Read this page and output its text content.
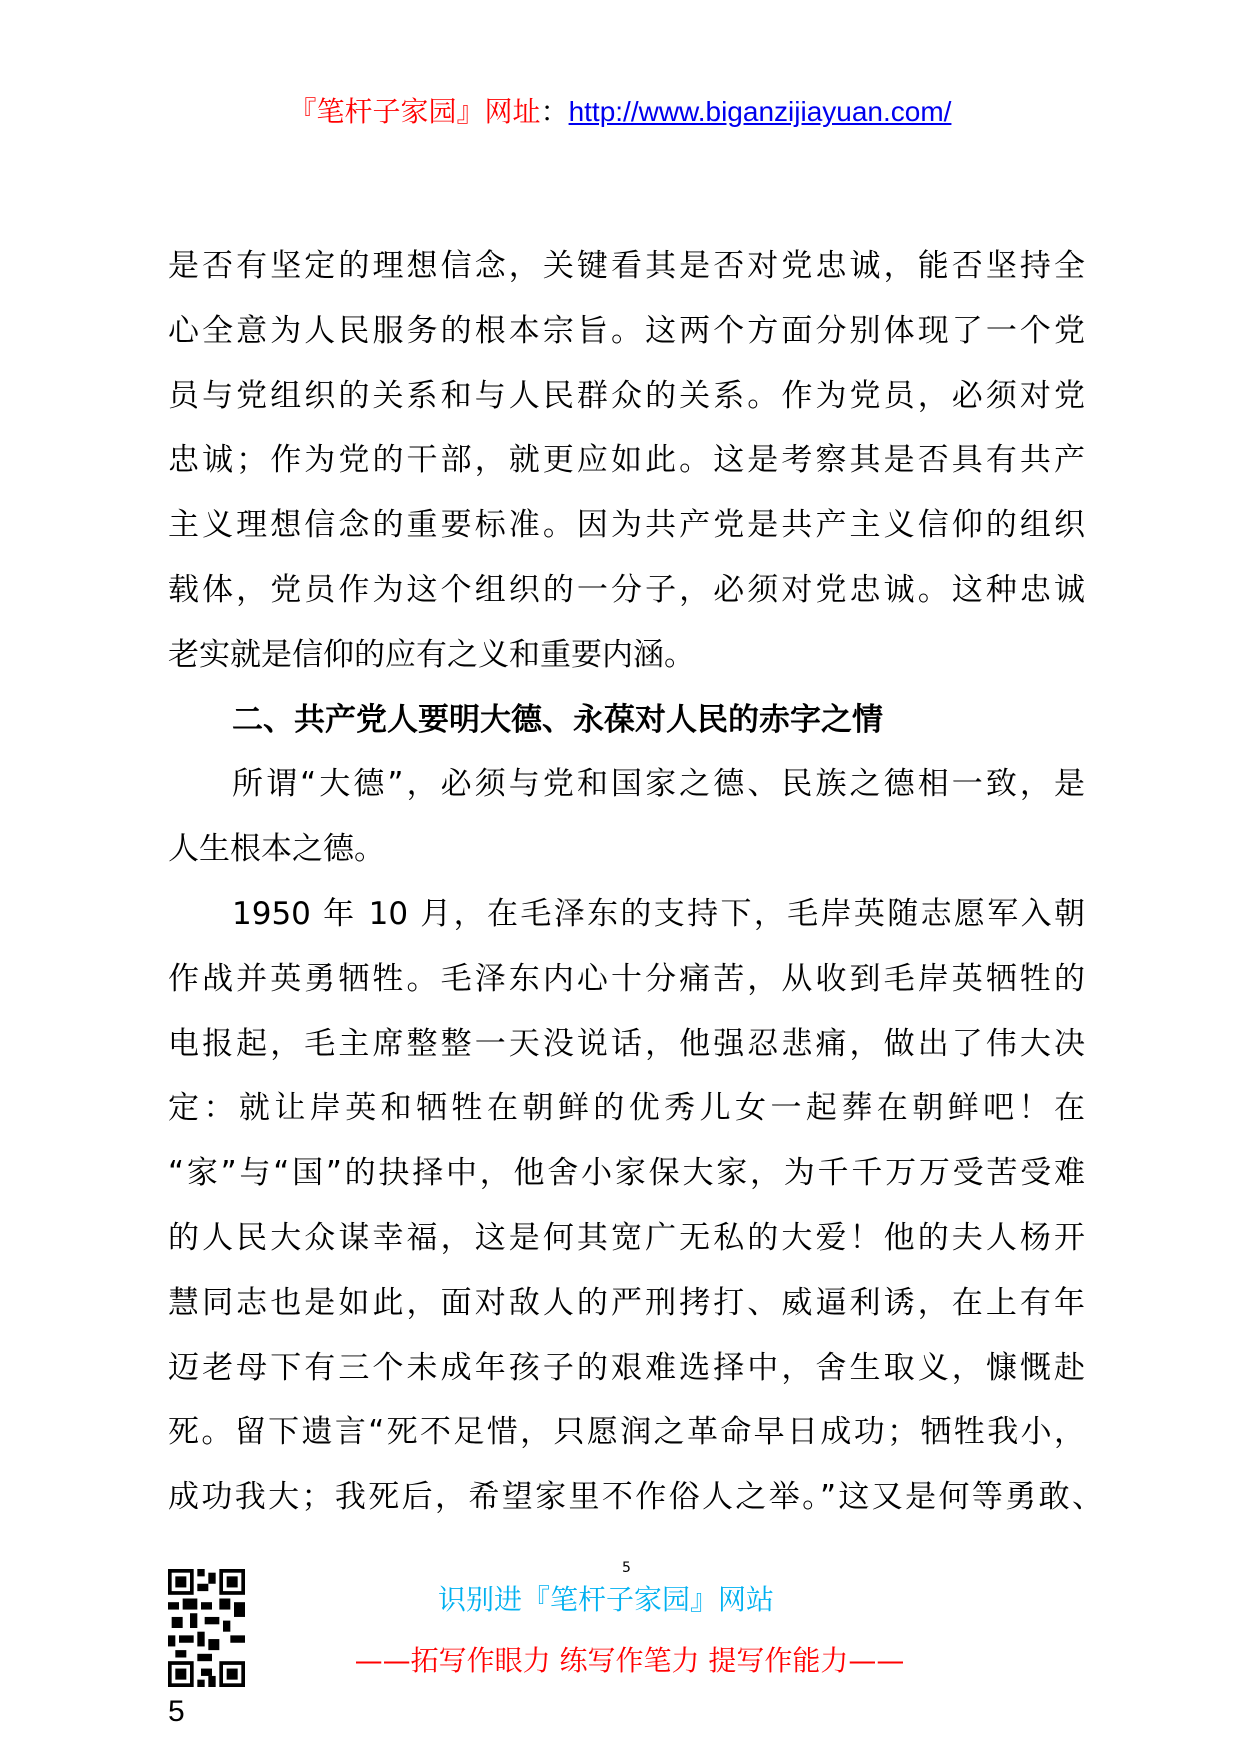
『笔杆子家园』网址：http://www.biganzijiayuan.com/
是否有坚定的理想信念，关键看其是否对党忠诚，能否坚持全
心全意为人民服务的根本宗旨。这两个方面分别体现了一个党
员与党组织的关系和与人民群众的关系。作为党员，必须对党
忠诚；作为党的干部，就更应如此。这是考察其是否具有共产
主义理想信念的重要标准。因为共产党是共产主义信仰的组织
载体，党员作为这个组织的一分子，必须对党忠诚。这种忠诚
老实就是信仰的应有之义和重要内涵。
二、共产党人要明大德、永葆对人民的赤字之情
所谓“大德”，必须与党和国家之德、民族之德相一致，是
人生根本之德。
1950 年 10 月，在毛泽东的支持下，毛岸英随志愿军入朝
作战并英勇牺牲。毛泽东内心十分痛苦，从收到毛岸英牺牲的
电报起，毛主席整整一天没说话，他强忍悲痛，做出了伟大决
定：就让岸英和牺牲在朝鲜的优秀儿女一起葬在朝鲜吧！在
“家”与“国”的抉择中，他舍小家保大家，为千千万万受苦受难
的人民大众谋幸福，这是何其宽广无私的大爱！他的夫人杨开
慧同志也是如此，面对敌人的严刑拷打、威逼利诱，在上有年
迈老母下有三个未成年孩子的艰难选择中，舍生取义，慷慨赴
死。留下遗言“死不足惜，只愿润之革命早日成功；牺牲我小，
成功我大；我死后，希望家里不作俗人之举。”这又是何等勇敢、
5
5
识别进『笔杆子家园』网站
——拓写作眼力 练写作笔力 提写作能力——
